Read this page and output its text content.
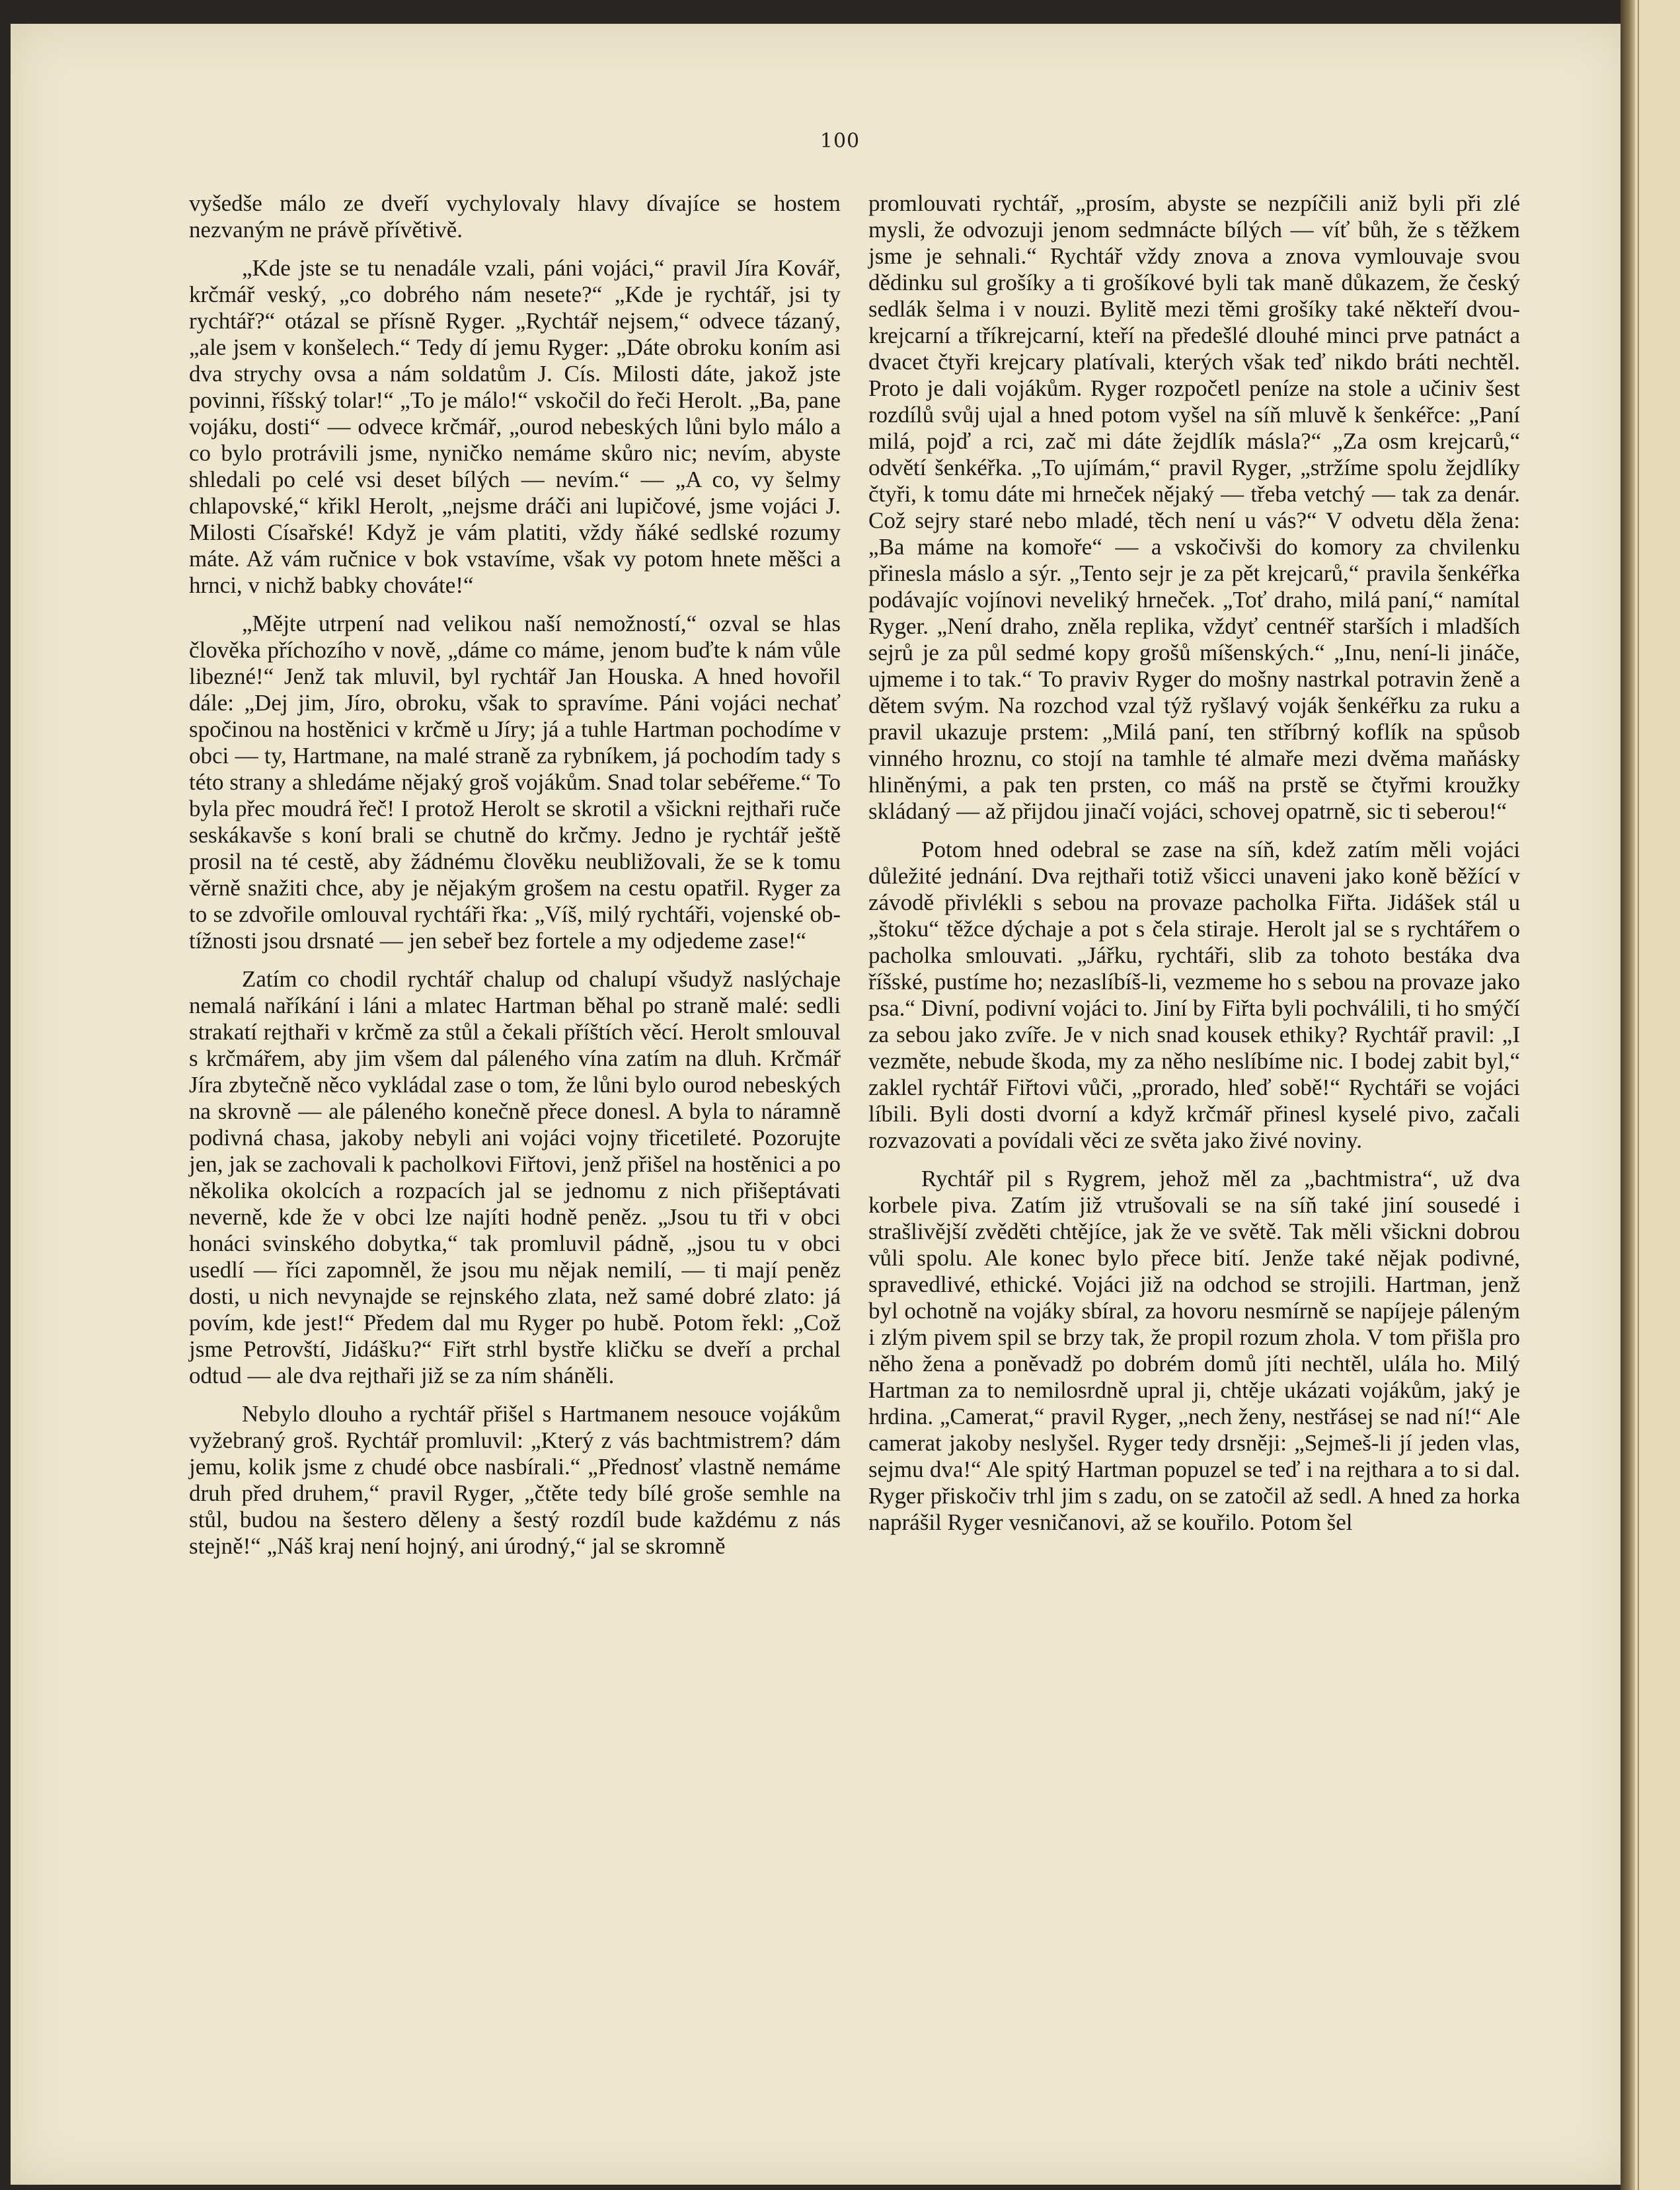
100

vyšedše málo ze dveří vychylovaly hlavy dívajíce se hostem nezvaným ne právě přívětivě.

„Kde jste se tu nenadále vzali, páni vojáci,“ pravil Jíra Kovář, krčmář veský, „co dobrého nám nesete?“ „Kde je rychtář, jsi ty rychtář?“ otázal se přísně Ryger. „Rychtář nejsem,“ odvece tázaný, „ale jsem v konšelech.“ Tedy dí jemu Ryger: „Dáte obroku koním asi dva strychy ovsa a nám soldatům J. Cís. Milosti dáte, jakož jste povinni, říšský tolar!“ „To je málo!“ vskočil do řeči Herolt. „Ba, pane vojáku, dosti“ — odvece krčmář, „ourod nebeských lůni bylo málo a co bylo protrávili jsme, nyničko nemáme skůro nic; nevím, abyste shledali po celé vsi deset bílých — nevím.“ — „A co, vy šelmy chlapovské,“ křikl Herolt, „nejsme dráči ani lupičové, jsme vojáci J. Milosti Císařské! Když je vám platiti, vždy ňáké sedlské rozumy máte. Až vám ručnice v bok vstavíme, však vy potom hnete měšci a hrnci, v nichž babky chováte!“

„Mějte utrpení nad velikou naší nemožností,“ ozval se hlas člověka příchozího v nově, „dáme co máme, jenom buďte k nám vůle libezné!“ Jenž tak mluvil, byl rychtář Jan Houska. A hned hovořil dále: „Dej jim, Jíro, obroku, však to spravíme. Páni vojáci nechať spočinou na hostěnici v krčmě u Jíry; já a tuhle Hartman pochodíme v obci — ty, Hartmane, na malé straně za rybníkem, já pochodím tady s této strany a shledáme nějaký groš vojákům. Snad tolar sebéřeme.“ To byla přec moudrá řeč! I protož Herolt se skrotil a všickni rejthaři ruče seskákavše s koní brali se chutně do krčmy. Jedno je rychtář ještě prosil na té cestě, aby žádnému člověku neubližovali, že se k tomu věrně snažiti chce, aby je nějakým grošem na cestu opatřil. Ryger za to se zdvořile omlouval rychtáři řka: „Víš, milý rychtáři, vojenské obtížnosti jsou drsnaté — jen sebeř bez fortele a my odjedeme zase!“

Zatím co chodil rychtář chalup od chalupí všudyž naslýchaje nemalá naříkání i láni a mlatec Hartman běhal po straně malé: sedli strakatí rejthaři v krčmě za stůl a čekali příštích věcí. Herolt smlouval s krčmářem, aby jim všem dal páleného vína zatím na dluh. Krčmář Jíra zbytečně něco vykládal zase o tom, že lůni bylo ourod nebeských na skrovně — ale páleného konečně přece donesl. A byla to náramně podivná chasa, jakoby nebyli ani vojáci vojny třicetileté. Pozorujte jen, jak se zachovali k pacholkovi Fiřtovi, jenž přišel na hostěnici a po několika okolcích a rozpacích jal se jednomu z nich přišeptávati neverně, kde že v obci lze najíti hodně peněz. „Jsou tu tři v obci honáci svinského dobytka,“ tak promluvil pádně, „jsou tu v obci usedlí — říci zapomněl, že jsou mu nějak nemilí, — ti mají peněz dosti, u nich nevynajde se rejnského zlata, než samé dobré zlato: já povím, kde jest!“ Předem dal mu Ryger po hubě. Potom řekl: „Což jsme Petrovští, Jidášku?“ Fiřt strhl bystře kličku se dveří a prchal odtud — ale dva rejthaři již se za ním sháněli.

Nebylo dlouho a rychtář přišel s Hartmanem nesouce vojákům vyžebraný groš. Rychtář promluvil: „Který z vás bachtmistrem? dám jemu, kolik jsme z chudé obce nasbírali.“ „Přednosť vlastně nemáme druh před druhem,“ pravil Ryger, „čtěte tedy bílé groše semhle na stůl, budou na šestero děleny a šestý rozdíl bude každému z nás stejně!“ „Náš kraj není hojný, ani úrodný,“ jal se skromně

promlouvati rychtář, „prosím, abyste se nezpíčili aniž byli při zlé mysli, že odvozuji jenom sedmnácte bílých — víť bůh, že s těžkem jsme je sehnali.“ Rychtář vždy znova a znova vymlouvaje svou dědinku sul grošíky a ti grošíkové byli tak maně důkazem, že český sedlák šelma i v nouzi. Bylitě mezi těmi grošíky také někteří dvoukrejcarní a tříkrejcarní, kteří na předešlé dlouhé minci prve patnáct a dvacet čtyři krejcary platívali, kterých však teď nikdo bráti nechtěl. Proto je dali vojákům. Ryger rozpočetl peníze na stole a učiniv šest rozdílů svůj ujal a hned potom vyšel na síň mluvě k šenkéřce: „Paní milá, pojď a rci, zač mi dáte žejdlík másla?“ „Za osm krejcarů,“ odvětí šenkéřka. „To ujímám,“ pravil Ryger, „stržíme spolu žejdlíky čtyři, k tomu dáte mi hrneček nějaký — třeba vetchý — tak za denár. Což sejry staré nebo mladé, těch není u vás?“ V odvetu děla žena: „Ba máme na komoře“ — a vskočivši do komory za chvilenku přinesla máslo a sýr. „Tento sejr je za pět krejcarů,“ pravila šenkéřka podávajíc vojínovi neveliký hrneček. „Toť draho, milá paní,“ namítal Ryger. „Není draho, zněla replika, vždyť centnéř starších i mladších sejrů je za půl sedmé kopy grošů míšenských.“ „Inu, není-li jináče, ujmeme i to tak.“ To praviv Ryger do mošny nastrkal potravin ženě a dětem svým. Na rozchod vzal týž ryšlavý voják šenkéřku za ruku a pravil ukazuje prstem: „Milá paní, ten stříbrný koflík na spůsob vinného hroznu, co stojí na tamhle té almaře mezi dvěma maňásky hliněnými, a pak ten prsten, co máš na prstě se čtyřmi kroužky skládaný — až přijdou jinačí vojáci, schovej opatrně, sic ti seberou!“

Potom hned odebral se zase na síň, kdež zatím měli vojáci důležité jednání. Dva rejthaři totiž všicci unaveni jako koně běžící v závodě přivlékli s sebou na provaze pacholka Fiřta. Jidášek stál u „štoku“ těžce dýchaje a pot s čela stiraje. Herolt jal se s rychtářem o pacholka smlouvati. „Jářku, rychtáři, slib za tohoto bestáka dva říšské, pustíme ho; nezaslíbíš-li, vezmeme ho s sebou na provaze jako psa.“ Divní, podivní vojáci to. Jiní by Fiřta byli pochválili, ti ho smýčí za sebou jako zvíře. Je v nich snad kousek ethiky? Rychtář pravil: „I vezměte, nebude škoda, my za něho neslíbíme nic. I bodej zabit byl,“ zaklel rychtář Fiřtovi vůči, „prorado, hleď sobě!“ Rychtáři se vojáci líbili. Byli dosti dvorní a když krčmář přinesl kyselé pivo, začali rozvazovati a povídali věci ze světa jako živé noviny.

Rychtář pil s Rygrem, jehož měl za „bachtmistra“, už dva korbele piva. Zatím již vtrušovali se na síň také jiní sousedé i strašlivější zvěděti chtějíce, jak že ve světě. Tak měli všickni dobrou vůli spolu. Ale konec bylo přece bití. Jenže také nějak podivné, spravedlivé, ethické. Vojáci již na odchod se strojili. Hartman, jenž byl ochotně na vojáky sbíral, za hovoru nesmírně se napíjeje páleným i zlým pivem spil se brzy tak, že propil rozum zhola. V tom přišla pro něho žena a poněvadž po dobrém domů jíti nechtěl, ulála ho. Milý Hartman za to nemilosrdně upral ji, chtěje ukázati vojákům, jaký je hrdina. „Camerat,“ pravil Ryger, „nech ženy, nestřásej se nad ní!“ Ale camerat jakoby neslyšel. Ryger tedy drsněji: „Sejmeš-li jí jeden vlas, sejmu dva!“ Ale spitý Hartman popuzel se teď i na rejthara a to si dal. Ryger přiskočiv trhl jim s zadu, on se zatočil až sedl. A hned za horka naprášil Ryger vesničanovi, až se kouřilo. Potom šel
